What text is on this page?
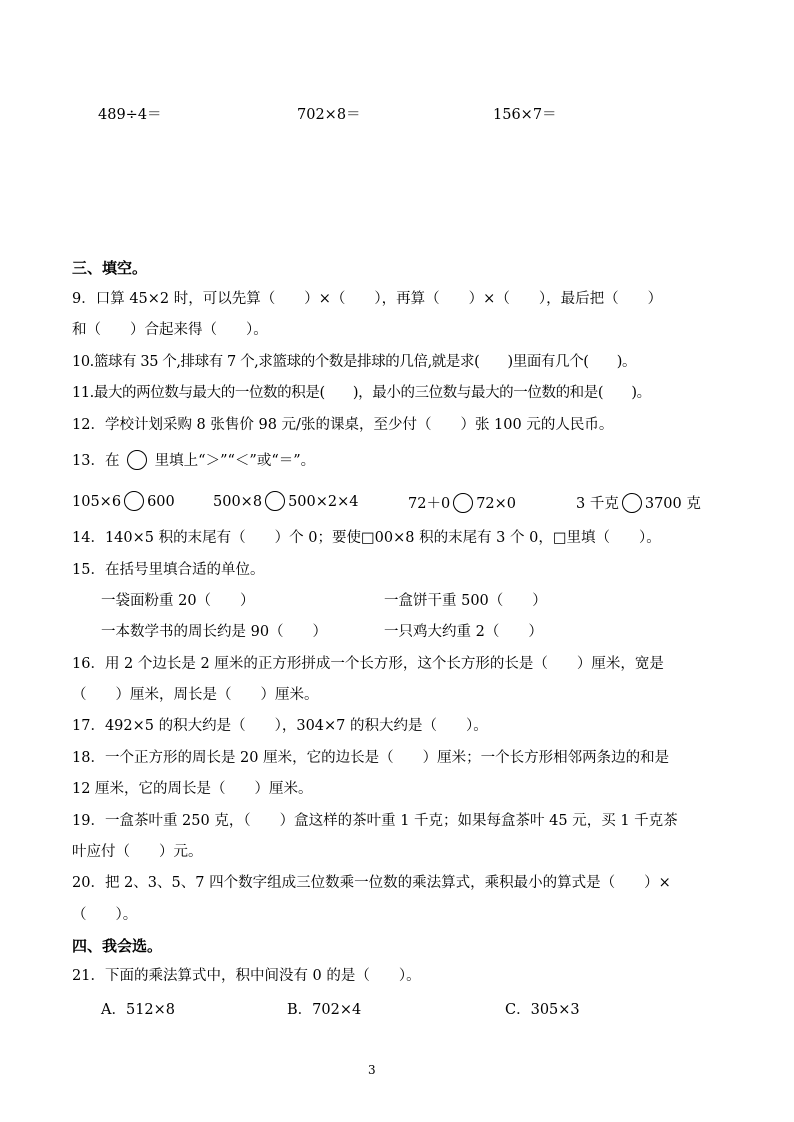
489÷4＝	702×8＝	156×7＝
三、填空。
9．口算 45×2 时，可以先算（　　）×（　　），再算（　　）×（　　），最后把（　　）
和（　　）合起来得（　　）。
10.篮球有 35 个,排球有 7 个,求篮球的个数是排球的几倍,就是求(　　)里面有几个(　　)。
11.最大的两位数与最大的一位数的积是(　　)，最小的三位数与最大的一位数的和是(　　)。
12．学校计划采购 8 张售价 98 元/张的课桌，至少付（　　）张 100 元的人民币。
13．在 里填上“＞”“＜”或“＝”。
105×6 600	500×8 500×2×4	72＋0 72×0	3 千克 3700 克
14．140×5 积的末尾有（　　）个 0；要使□00×8 积的末尾有 3 个 0，□里填（　　）。
15．在括号里填合适的单位。
一袋面粉重 20（　　）	一盒饼干重 500（　　）
一本数学书的周长约是 90（　　）	一只鸡大约重 2（　　）
16．用 2 个边长是 2 厘米的正方形拼成一个长方形，这个长方形的长是（　　）厘米，宽是
（　　）厘米，周长是（　　）厘米。
17．492×5 的积大约是（　　），304×7 的积大约是（　　）。
18．一个正方形的周长是 20 厘米，它的边长是（　　）厘米；一个长方形相邻两条边的和是
12 厘米，它的周长是（　　）厘米。
19．一盒茶叶重 250 克，（　　）盒这样的茶叶重 1 千克；如果每盒茶叶 45 元，买 1 千克茶
叶应付（　　）元。
20．把 2、3、5、7 四个数字组成三位数乘一位数的乘法算式，乘积最小的算式是（　　）×
（　　）。
四、我会选。
21．下面的乘法算式中，积中间没有 0 的是（　　）。
A．512×8	B．702×4	C．305×3
3
